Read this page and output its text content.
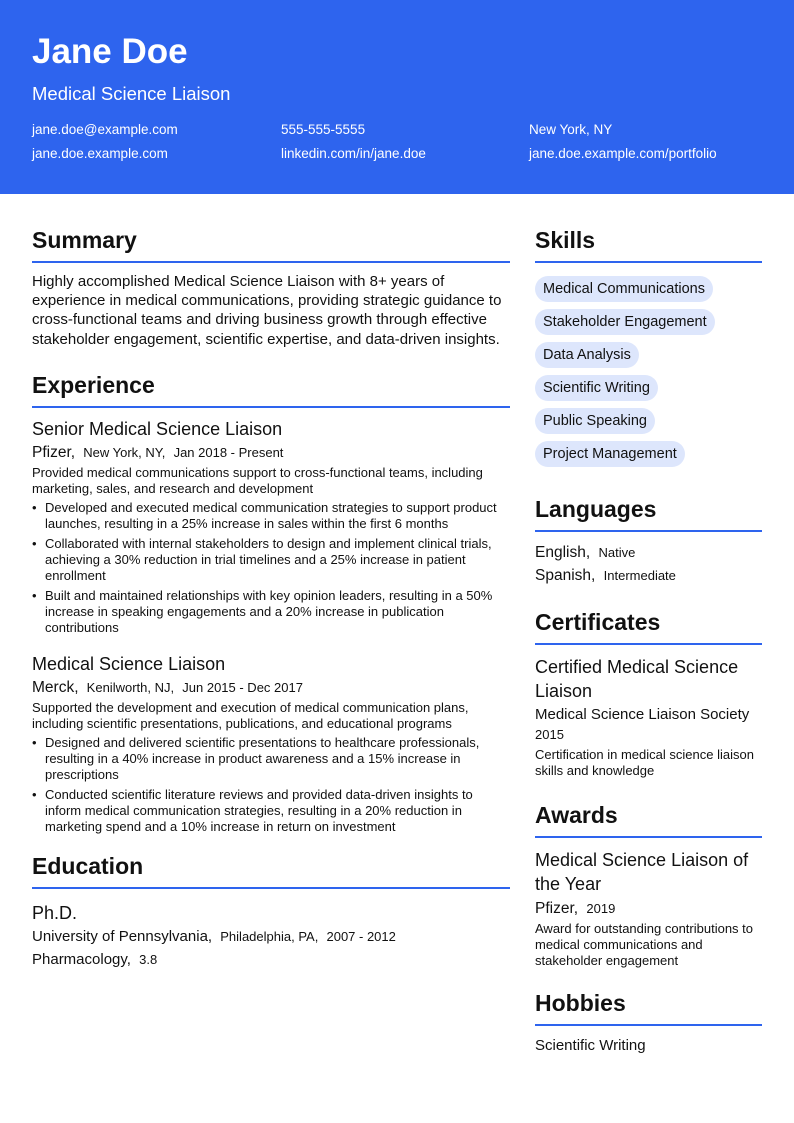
Jane Doe
Medical Science Liaison
jane.doe@example.com	555-555-5555	New York, NY
jane.doe.example.com	linkedin.com/in/jane.doe	jane.doe.example.com/portfolio
Summary

Highly accomplished Medical Science Liaison with 8+ years of experience in medical communications, providing strategic guidance to cross-functional teams and driving business growth through effective stakeholder engagement, scientific expertise, and data-driven insights.

Experience
Senior Medical Science Liaison
Pfizer, New York, NY, Jan 2018 - Present

Provided medical communications support to cross-functional teams, including marketing, sales, and research and development

• Developed and executed medical communication strategies to support product launches, resulting in a 25% increase in sales within the first 6 months
• Collaborated with internal stakeholders to design and implement clinical trials, achieving a 30% reduction in trial timelines and a 25% increase in patient enrollment
• Built and maintained relationships with key opinion leaders, resulting in a 50% increase in speaking engagements and a 20% increase in publication contributions
Medical Science Liaison
Merck, Kenilworth, NJ, Jun 2015 - Dec 2017

Supported the development and execution of medical communication plans, including scientific presentations, publications, and educational programs

• Designed and delivered scientific presentations to healthcare professionals, resulting in a 40% increase in product awareness and a 15% increase in prescriptions
• Conducted scientific literature reviews and provided data-driven insights to inform medical communication strategies, resulting in a 20% reduction in marketing spend and a 10% increase in return on investment
Education
Ph.D.
University of Pennsylvania, Philadelphia, PA, 2007 - 2012
Pharmacology, 3.8
Skills
Medical Communications
Stakeholder Engagement
Data Analysis
Scientific Writing
Public Speaking
Project Management
Languages
English, Native
Spanish, Intermediate
Certificates
Certified Medical Science Liaison
Medical Science Liaison Society
2015
Certification in medical science liaison skills and knowledge
Awards
Medical Science Liaison of the Year
Pfizer, 2019
Award for outstanding contributions to medical communications and stakeholder engagement
Hobbies
Scientific Writing
